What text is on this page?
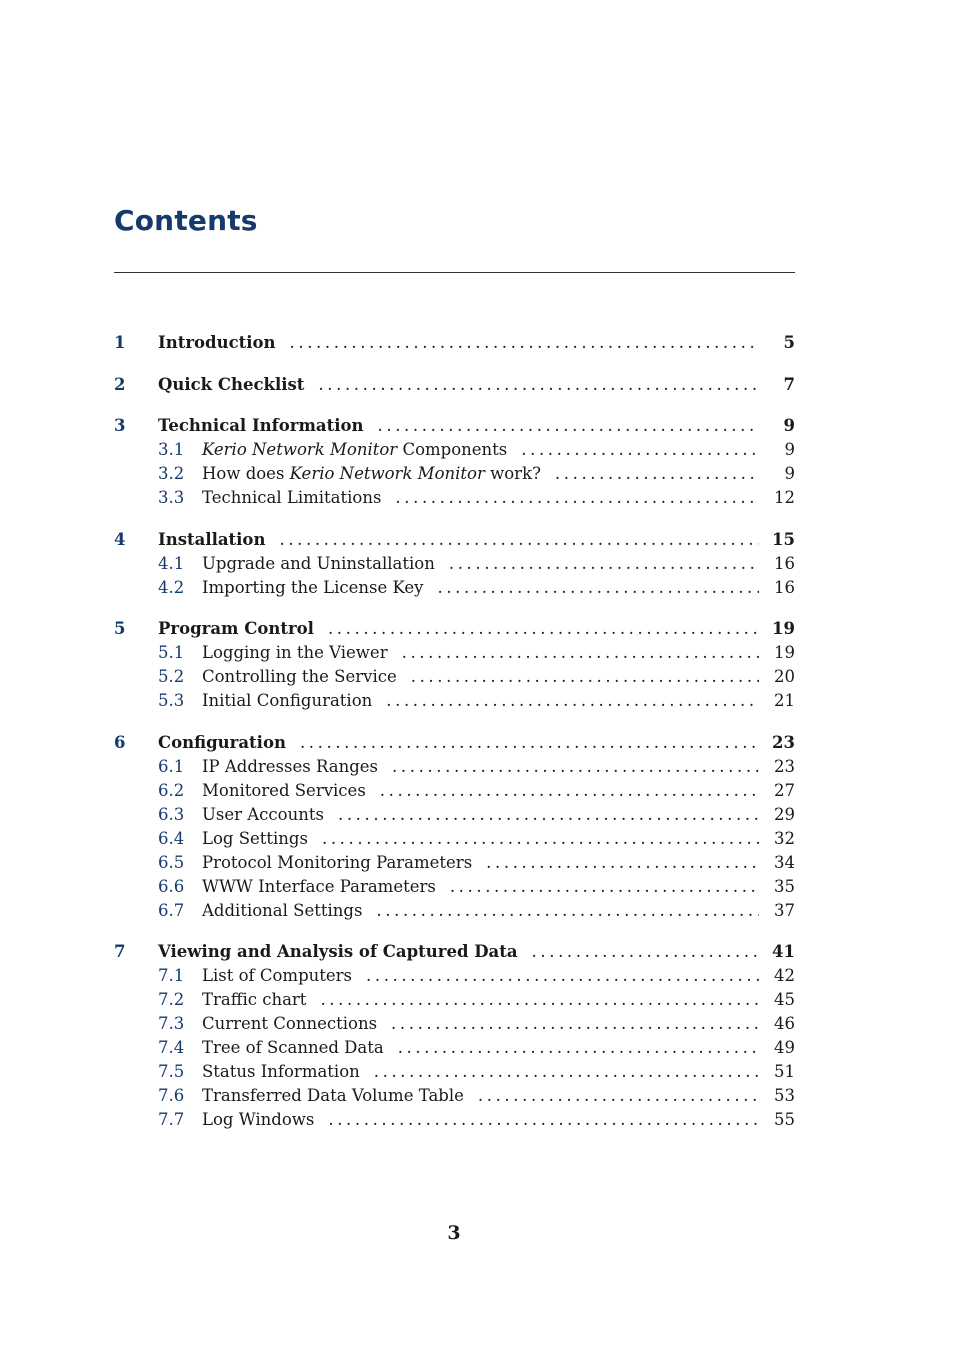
Contents
1	Introduction .....	5
2	Quick Checklist .....	7
3	Technical Information .....	9
3.1	Kerio Network Monitor Components .....	9
3.2	How does Kerio Network Monitor work? .....	9
3.3	Technical Limitations .....	12
4	Installation .....	15
4.1	Upgrade and Uninstallation .....	16
4.2	Importing the License Key .....	16
5	Program Control .....	19
5.1	Logging in the Viewer .....	19
5.2	Controlling the Service .....	20
5.3	Initial Configuration .....	21
6	Configuration .....	23
6.1	IP Addresses Ranges .....	23
6.2	Monitored Services .....	27
6.3	User Accounts .....	29
6.4	Log Settings .....	32
6.5	Protocol Monitoring Parameters .....	34
6.6	WWW Interface Parameters .....	35
6.7	Additional Settings .....	37
7	Viewing and Analysis of Captured Data .....	41
7.1	List of Computers .....	42
7.2	Traffic chart .....	45
7.3	Current Connections .....	46
7.4	Tree of Scanned Data .....	49
7.5	Status Information .....	51
7.6	Transferred Data Volume Table .....	53
7.7	Log Windows .....	55
3
